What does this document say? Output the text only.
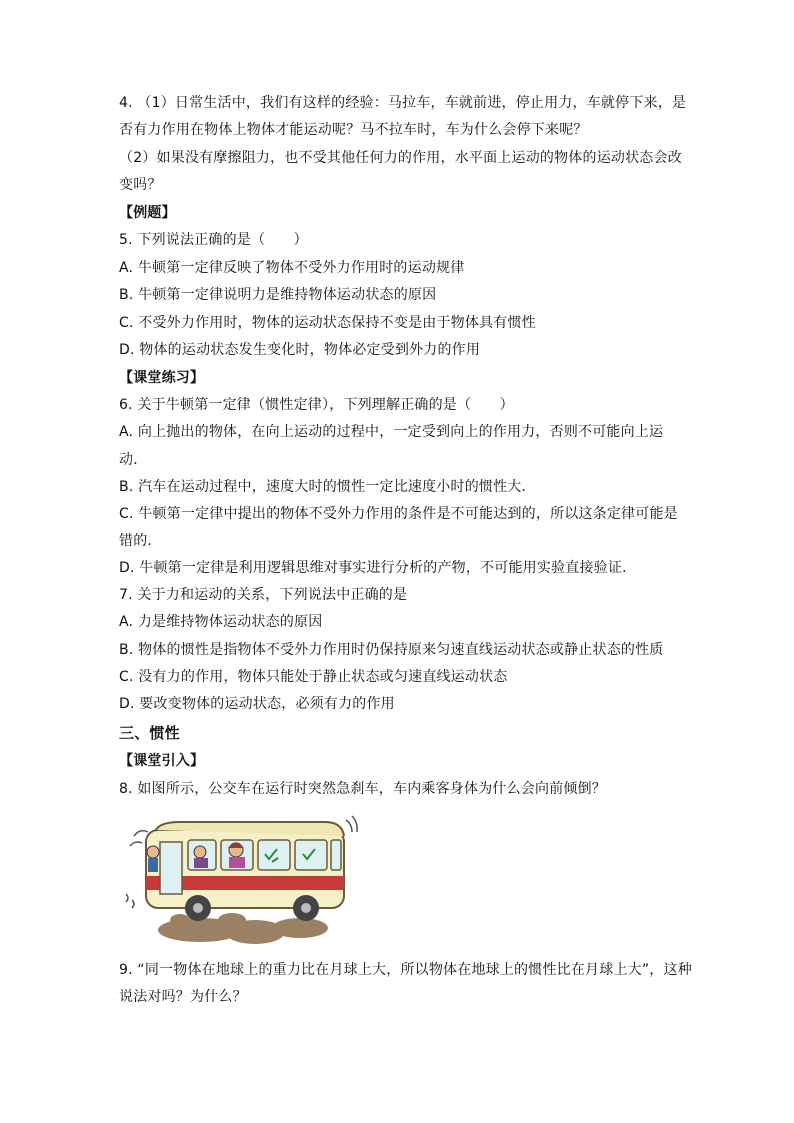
4. （1）日常生活中，我们有这样的经验：马拉车，车就前进，停止用力，车就停下来，是
否有力作用在物体上物体才能运动呢？马不拉车时，车为什么会停下来呢？
（2）如果没有摩擦阻力，也不受其他任何力的作用，水平面上运动的物体的运动状态会改
变吗？
【例题】
5. 下列说法正确的是（　　）
A. 牛顿第一定律反映了物体不受外力作用时的运动规律
B. 牛顿第一定律说明力是维持物体运动状态的原因
C. 不受外力作用时，物体的运动状态保持不变是由于物体具有惯性
D. 物体的运动状态发生变化时，物体必定受到外力的作用
【课堂练习】
6. 关于牛顿第一定律（惯性定律），下列理解正确的是（　　）
A. 向上抛出的物体，在向上运动的过程中，一定受到向上的作用力，否则不可能向上运
动．
B. 汽车在运动过程中，速度大时的惯性一定比速度小时的惯性大．
C. 牛顿第一定律中提出的物体不受外力作用的条件是不可能达到的，所以这条定律可能是
错的．
D. 牛顿第一定律是利用逻辑思维对事实进行分析的产物，不可能用实验直接验证．
7. 关于力和运动的关系，下列说法中正确的是
A. 力是维持物体运动状态的原因
B. 物体的惯性是指物体不受外力作用时仍保持原来匀速直线运动状态或静止状态的性质
C. 没有力的作用，物体只能处于静止状态或匀速直线运动状态
D. 要改变物体的运动状态，必须有力的作用
三、惯性
【课堂引入】
8. 如图所示，公交车在运行时突然急刹车，车内乘客身体为什么会向前倾倒？
9. “同一物体在地球上的重力比在月球上大，所以物体在地球上的惯性比在月球上大”，这种
说法对吗？为什么？
